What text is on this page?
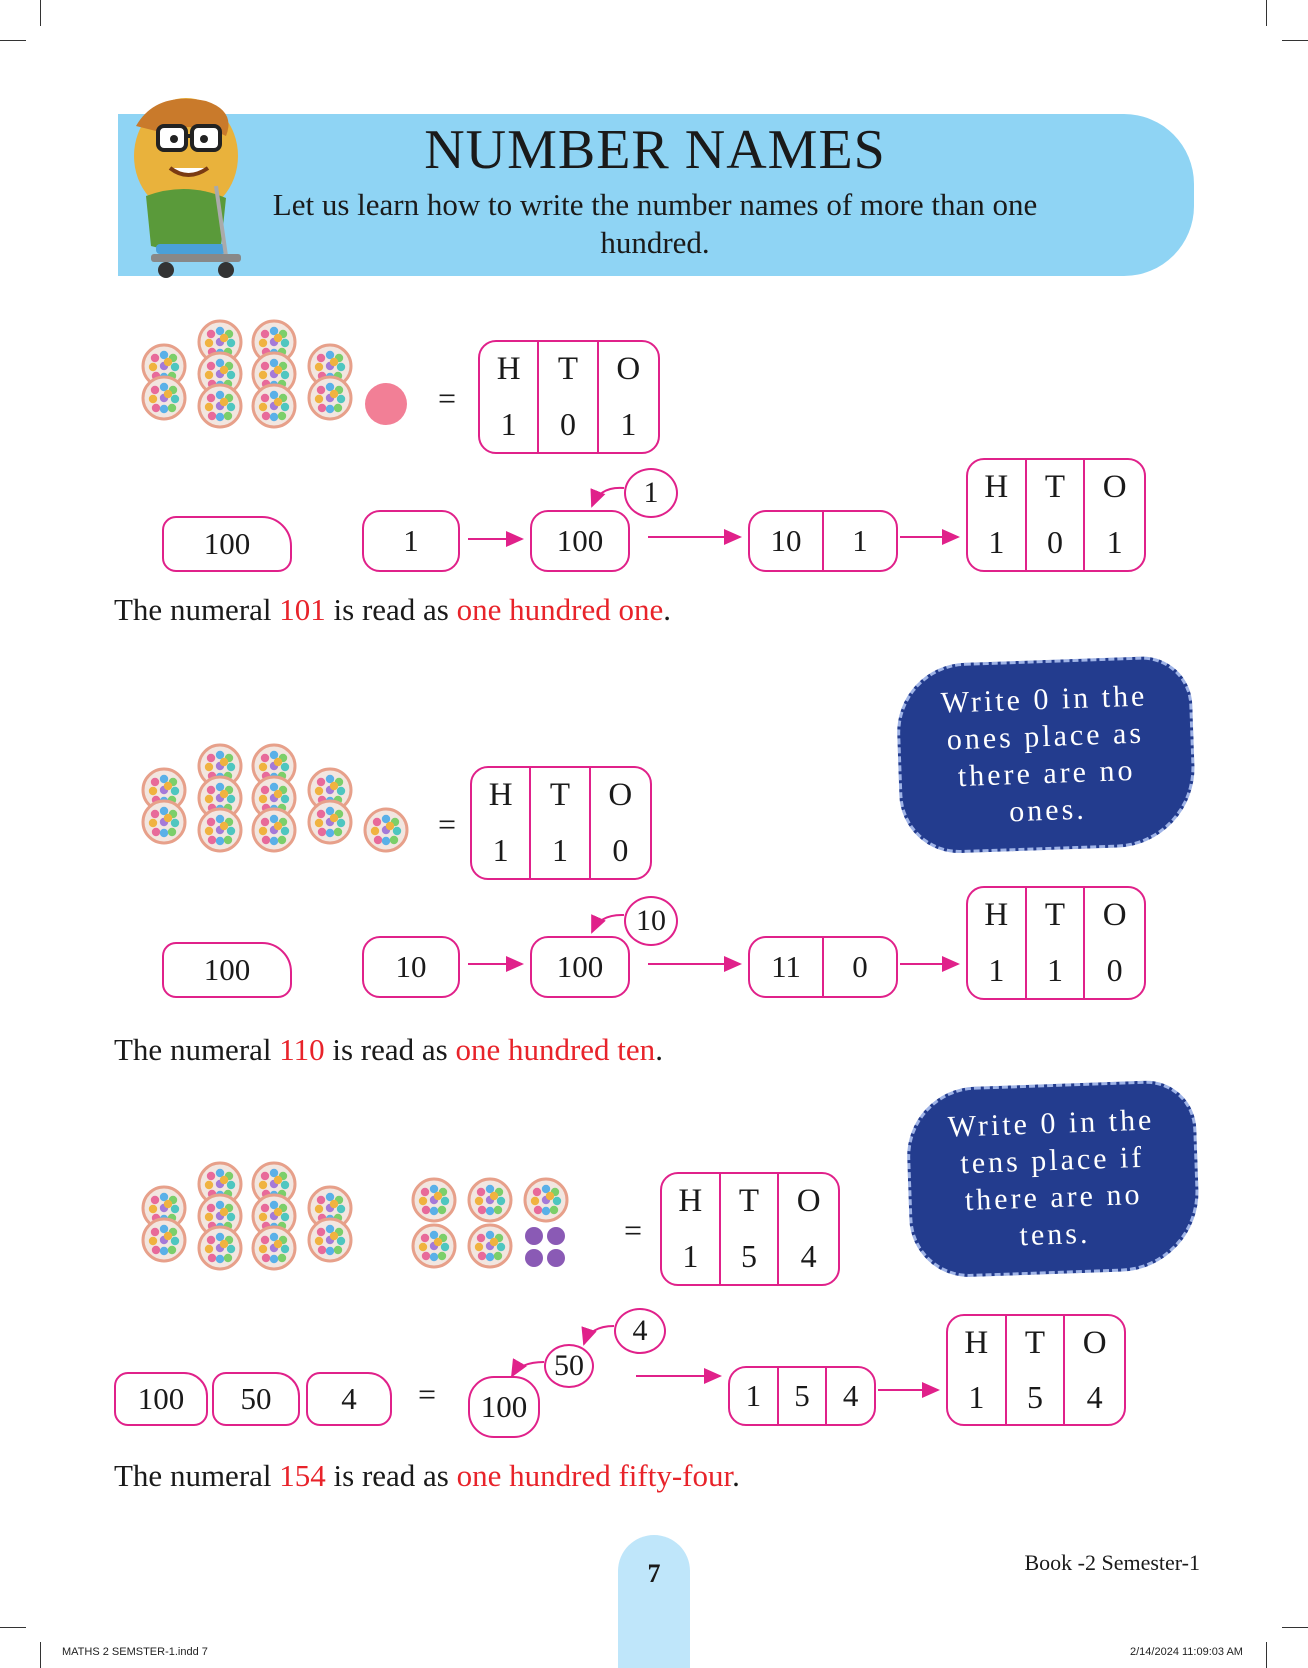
NUMBER NAMES
Let us learn how to write the number names of more than one hundred.
=
H	T	O
1	0	1
100	1	100
1
10	1
H	T	O
1	0	1
The numeral 101 is read as one hundred one.
Write 0 in the ones place as there are no ones.
=
H	T	O
1	1	0
100	10	100
10
11	0
H	T	O
1	1	0
The numeral 110 is read as one hundred ten.
Write 0 in the tens place if there are no tens.
=
H	T	O
1	5	4
100	50	4	=	100
50
4
1	5	4
H	T	O
1	5	4
The numeral 154 is read as one hundred fifty-four.
7	Book -2 Semester-1
MATHS 2 SEMSTER-1.indd 7	2/14/2024 11:09:03 AM
